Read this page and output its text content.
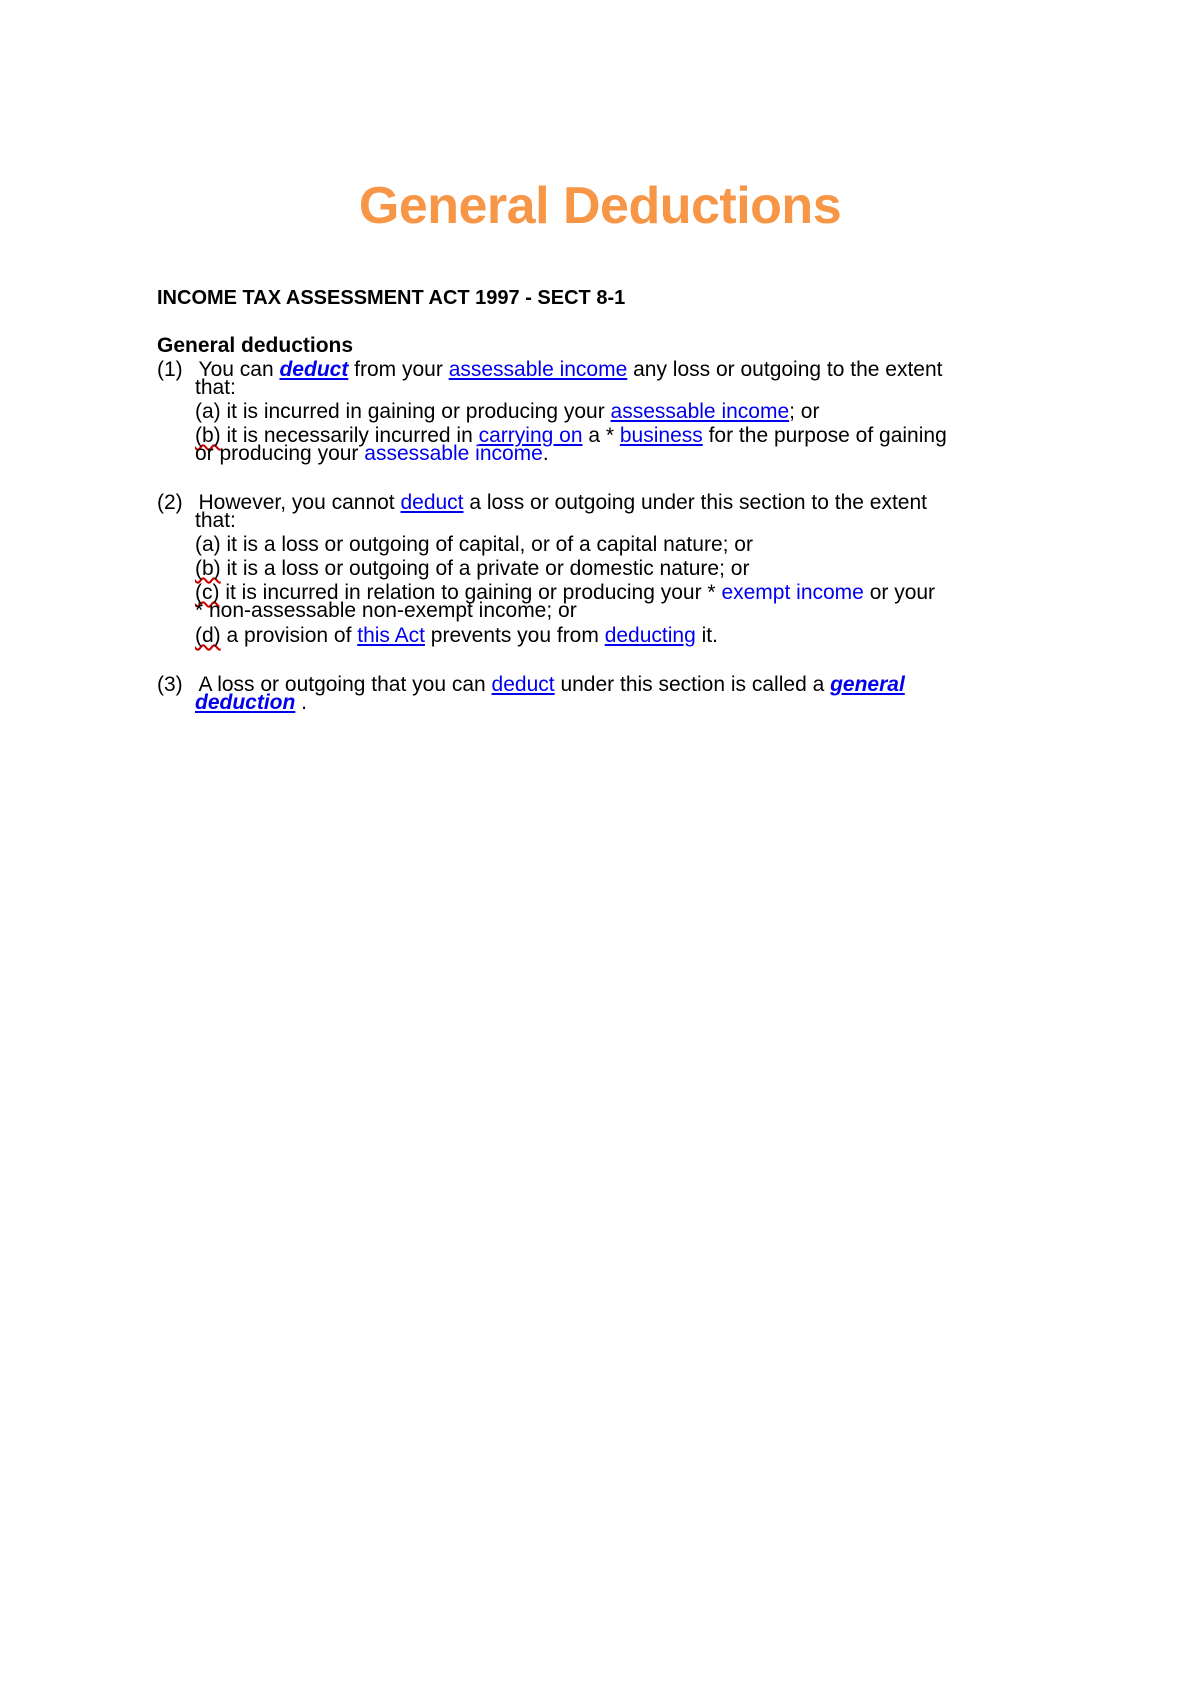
General Deductions
INCOME TAX ASSESSMENT ACT 1997 - SECT 8-1
General deductions
(1) You can deduct from your assessable income any loss or outgoing to the extent
that:
(a) it is incurred in gaining or producing your assessable income; or
(b) it is necessarily incurred in carrying on a * business for the purpose of gaining
or producing your assessable income.
(2) However, you cannot deduct a loss or outgoing under this section to the extent
that:
(a) it is a loss or outgoing of capital, or of a capital nature; or
(b) it is a loss or outgoing of a private or domestic nature; or
(c) it is incurred in relation to gaining or producing your * exempt income or your
* non-assessable non-exempt income; or
(d) a provision of this Act prevents you from deducting it.
(3) A loss or outgoing that you can deduct under this section is called a general
deduction .
